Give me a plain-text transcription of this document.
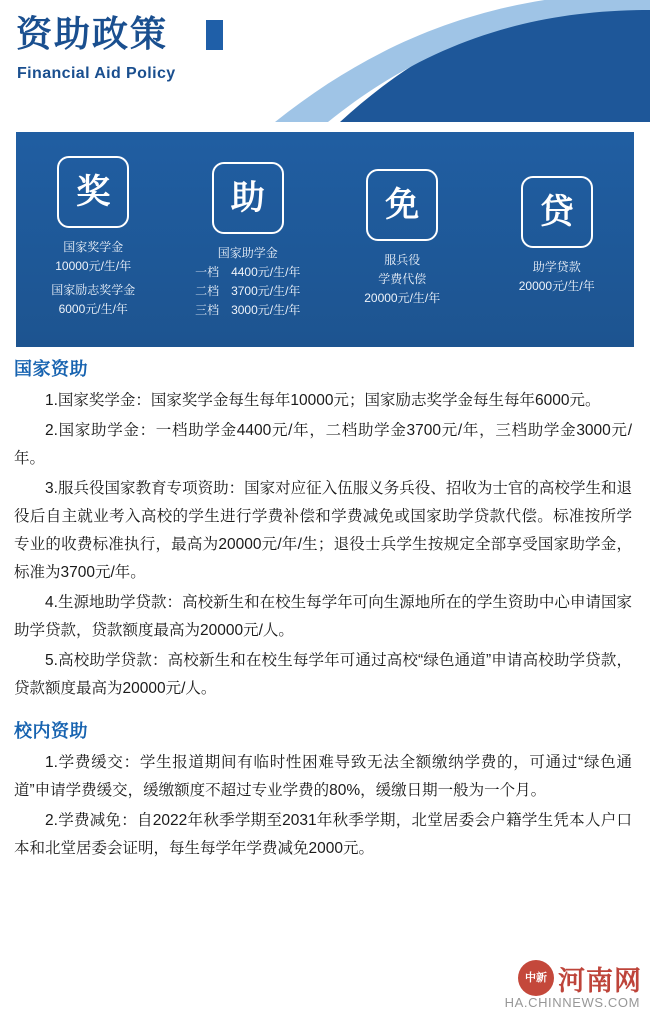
资助政策
Financial Aid Policy
奖
国家奖学金
10000元/生/年
国家励志奖学金
6000元/生/年
助
国家助学金
一档　4400元/生/年
二档　3700元/生/年
三档　3000元/生/年
免
服兵役
学费代偿
20000元/生/年
贷
助学贷款
20000元/生/年
国家资助

1.国家奖学金：国家奖学金每生每年10000元；国家励志奖学金每生每年6000元。

2.国家助学金：一档助学金4400元/年，二档助学金3700元/年，三档助学金3000元/年。

3.服兵役国家教育专项资助：国家对应征入伍服义务兵役、招收为士官的高校学生和退役后自主就业考入高校的学生进行学费补偿和学费减免或国家助学贷款代偿。标准按所学专业的收费标准执行，最高为20000元/年/生；退役士兵学生按规定全部享受国家助学金，标准为3700元/年。

4.生源地助学贷款：高校新生和在校生每学年可向生源地所在的学生资助中心申请国家助学贷款，贷款额度最高为20000元/人。

5.高校助学贷款：高校新生和在校生每学年可通过高校“绿色通道”申请高校助学贷款，贷款额度最高为20000元/人。

校内资助

1.学费缓交：学生报道期间有临时性困难导致无法全额缴纳学费的，可通过“绿色通道”申请学费缓交，缓缴额度不超过专业学费的80%，缓缴日期一般为一个月。

2.学费减免：自2022年秋季学期至2031年秋季学期，北堂居委会户籍学生凭本人户口本和北堂居委会证明，每生每学年学费减免2000元。

中新 河南网
HA.CHINNEWS.COM
